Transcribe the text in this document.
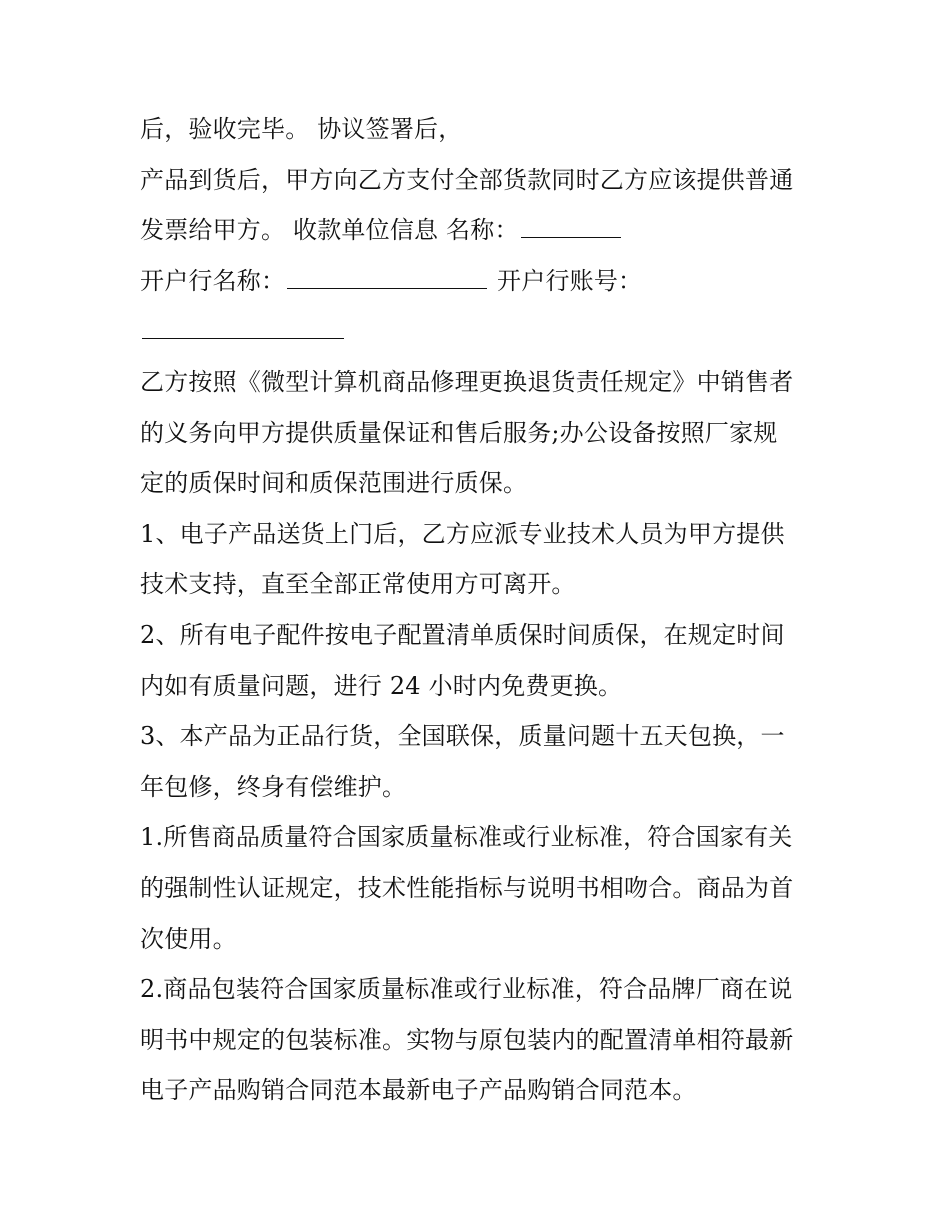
后，验收完毕。 协议签署后，
产品到货后，甲方向乙方支付全部货款同时乙方应该提供普通
发票给甲方。 收款单位信息 名称：
开户行名称：	开户行账号：
乙方按照《微型计算机商品修理更换退货责任规定》中销售者
的义务向甲方提供质量保证和售后服务;办公设备按照厂家规
定的质保时间和质保范围进行质保。
1、电子产品送货上门后，乙方应派专业技术人员为甲方提供
技术支持，直至全部正常使用方可离开。
2、所有电子配件按电子配置清单质保时间质保，在规定时间
内如有质量问题，进行 24 小时内免费更换。
3、本产品为正品行货，全国联保，质量问题十五天包换，一
年包修，终身有偿维护。
1.所售商品质量符合国家质量标准或行业标准，符合国家有关
的强制性认证规定，技术性能指标与说明书相吻合。商品为首
次使用。
2.商品包装符合国家质量标准或行业标准，符合品牌厂商在说
明书中规定的包装标准。实物与原包装内的配置清单相符最新
电子产品购销合同范本最新电子产品购销合同范本。
